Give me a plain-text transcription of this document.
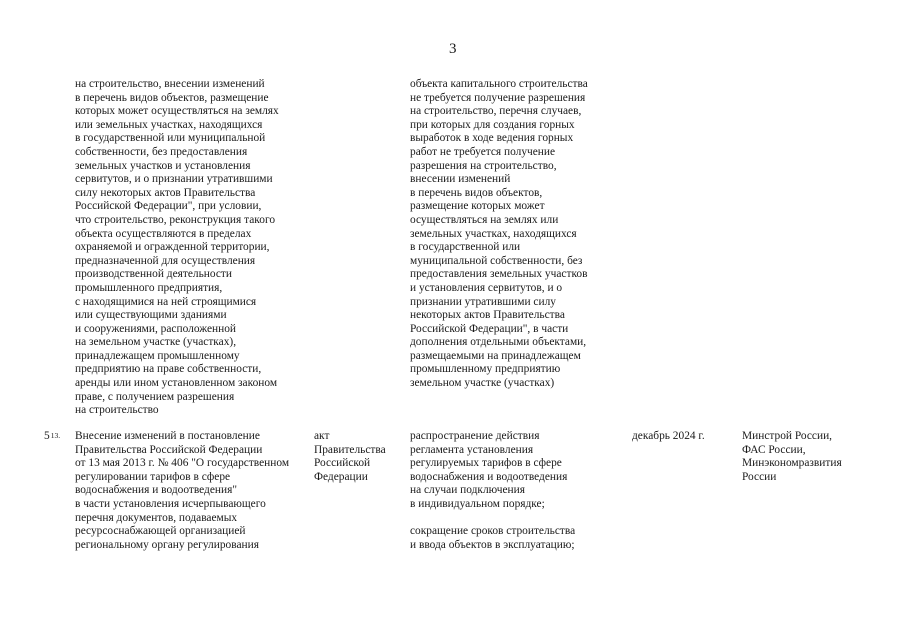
3
на строительство, внесении изменений
в перечень видов объектов, размещение
которых может осуществляться на землях
или земельных участках, находящихся
в государственной или муниципальной
собственности, без предоставления
земельных участков и установления
сервитутов, и о признании утратившими
силу некоторых актов Правительства
Российской Федерации", при условии,
что строительство, реконструкция такого
объекта осуществляются в пределах
охраняемой и огражденной территории,
предназначенной для осуществления
производственной деятельности
промышленного предприятия,
с находящимися на ней строящимися
или существующими зданиями
и сооружениями, расположенной
на земельном участке (участках),
принадлежащем промышленному
предприятию на праве собственности,
аренды или ином установленном законом
праве, с получением разрешения
на строительство
объекта капитального строительства
не требуется получение разрешения
на строительство, перечня случаев,
при которых для создания горных
выработок в ходе ведения горных
работ не требуется получение
разрешения на строительство,
внесении изменений
в перечень видов объектов,
размещение которых может
осуществляться на землях или
земельных участках, находящихся
в государственной или
муниципальной собственности, без
предоставления земельных участков
и установления сервитутов, и о
признании утратившими силу
некоторых актов Правительства
Российской Федерации", в части
дополнения отдельными объектами,
размещаемыми на принадлежащем
промышленному предприятию
земельном участке (участках)
$5^{13.}$ Внесение изменений в постановление
Правительства Российской Федерации
от 13 мая 2013 г. № 406 "О государственном
регулировании тарифов в сфере
водоснабжения и водоотведения"
в части установления исчерпывающего
перечня документов, подаваемых
ресурсоснабжающей организацией
региональному органу регулирования
акт
Правительства
Российской
Федерации
распространение действия
регламента установления
регулируемых тарифов в сфере
водоснабжения и водоотведения
на случаи подключения
в индивидуальном порядке;
сокращение сроков строительства
и ввода объектов в эксплуатацию;
декабрь 2024 г.	Минстрой России,
ФАС России,
Минэкономразвития
России
